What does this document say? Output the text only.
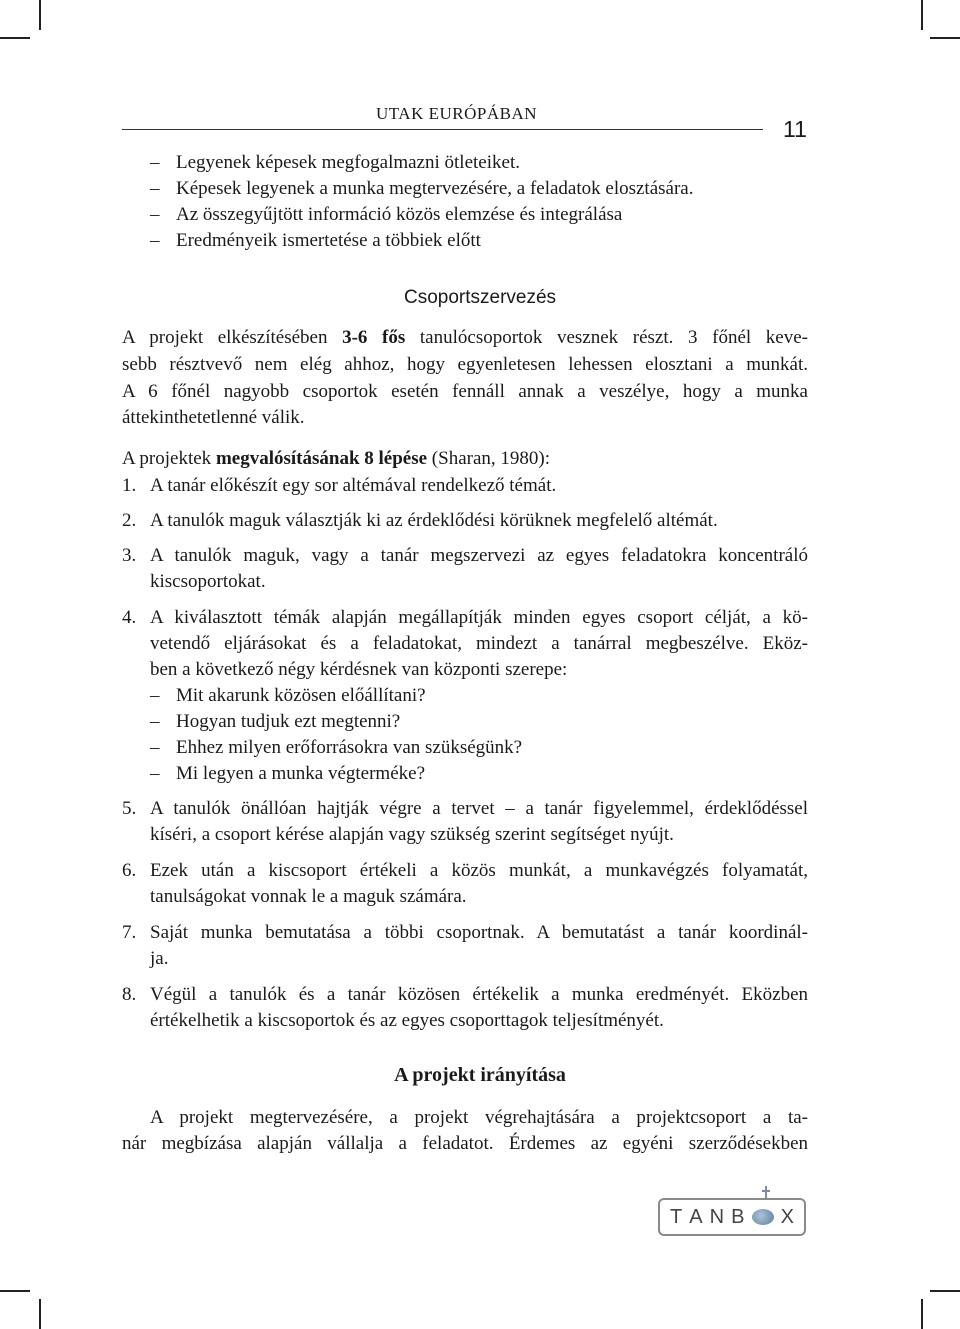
UTAK EURÓPÁBAN
11
– Legyenek képesek megfogalmazni ötleteiket.
– Képesek legyenek a munka megtervezésére, a feladatok elosztására.
– Az összegyűjtött információ közös elemzése és integrálása
– Eredményeik ismertetése a többiek előtt
Csoportszervezés
A projekt elkészítésében 3-6 fős tanulócsoportok vesznek részt. 3 főnél keve-
sebb résztvevő nem elég ahhoz, hogy egyenletesen lehessen elosztani a munkát.
A 6 főnél nagyobb csoportok esetén fennáll annak a veszélye, hogy a munka
áttekinthetetlenné válik.
A projektek megvalósításának 8 lépése (Sharan, 1980):
1. A tanár előkészít egy sor altémával rendelkező témát.
2. A tanulók maguk választják ki az érdeklődési körüknek megfelelő altémát.
3. A tanulók maguk, vagy a tanár megszervezi az egyes feladatokra koncentráló
kiscsoportokat.
4. A kiválasztott témák alapján megállapítják minden egyes csoport célját, a kö-
vetendő eljárásokat és a feladatokat, mindezt a tanárral megbeszélve. Eköz-
ben a következő négy kérdésnek van központi szerepe:
– Mit akarunk közösen előállítani?
– Hogyan tudjuk ezt megtenni?
– Ehhez milyen erőforrásokra van szükségünk?
– Mi legyen a munka végterméke?
5. A tanulók önállóan hajtják végre a tervet – a tanár figyelemmel, érdeklődéssel
kíséri, a csoport kérése alapján vagy szükség szerint segítséget nyújt.
6. Ezek után a kiscsoport értékeli a közös munkát, a munkavégzés folyamatát,
tanulságokat vonnak le a maguk számára.
7. Saját munka bemutatása a többi csoportnak. A bemutatást a tanár koordinál-
ja.
8. Végül a tanulók és a tanár közösen értékelik a munka eredményét. Eközben
értékelhetik a kiscsoportok és az egyes csoporttagok teljesítményét.
A projekt irányítása
A projekt megtervezésére, a projekt végrehajtására a projektcsoport a ta-
nár megbízása alapján vállalja a feladatot. Érdemes az egyéni szerződésekben
T A N B X
